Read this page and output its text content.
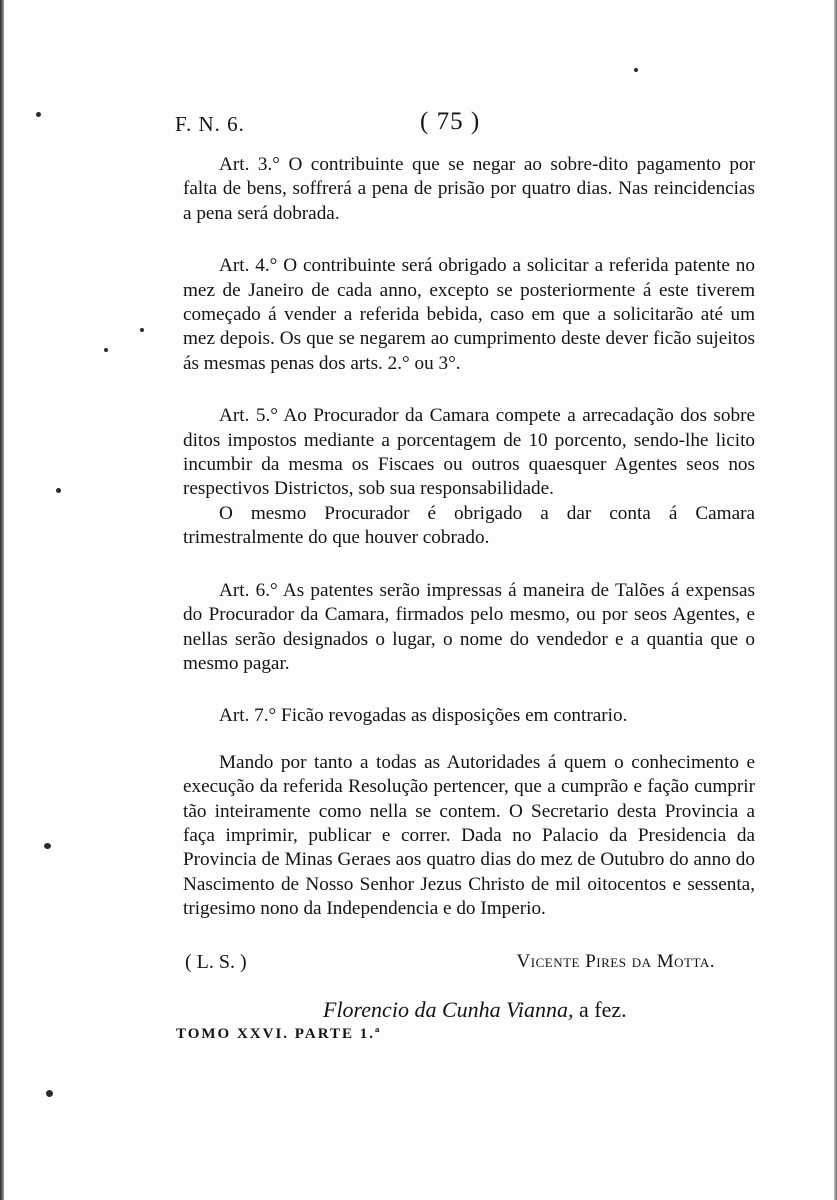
F. N. 6.	( 75 )

Art. 3.° O contribuinte que se negar ao sobre-dito pagamento por falta de bens, soffrerá a pena de prisão por quatro dias. Nas reincidencias a pena será dobrada.

Art. 4.° O contribuinte será obrigado a solicitar a referida patente no mez de Janeiro de cada anno, excepto se posteriormente á este tiverem começado á vender a referida bebida, caso em que a solicitarão até um mez depois. Os que se negarem ao cumprimento deste dever ficão sujeitos ás mesmas penas dos arts. 2.° ou 3°.

Art. 5.° Ao Procurador da Camara compete a arrecadação dos sobre ditos impostos mediante a porcentagem de 10 porcento, sendo-lhe licito incumbir da mesma os Fiscaes ou outros quaesquer Agentes seos nos respectivos Districtos, sob sua responsabilidade.

O mesmo Procurador é obrigado a dar conta á Camara trimestralmente do que houver cobrado.

Art. 6.° As patentes serão impressas á maneira de Talões á expensas do Procurador da Camara, firmados pelo mesmo, ou por seos Agentes, e nellas serão designados o lugar, o nome do vendedor e a quantia que o mesmo pagar.

Art. 7.° Ficão revogadas as disposições em contrario.

Mando por tanto a todas as Autoridades á quem o conhecimento e execução da referida Resolução pertencer, que a cumprão e fação cumprir tão inteiramente como nella se contem. O Secretario desta Provincia a faça imprimir, publicar e correr. Dada no Palacio da Presidencia da Provincia de Minas Geraes aos quatro dias do mez de Outubro do anno do Nascimento de Nosso Senhor Jezus Christo de mil oitocentos e sessenta, trigesimo nono da Independencia e do Imperio.

( L. S. )	Vicente Pires da Motta.
Florencio da Cunha Vianna, a fez.
TOMO XXVI. PARTE 1.ª
